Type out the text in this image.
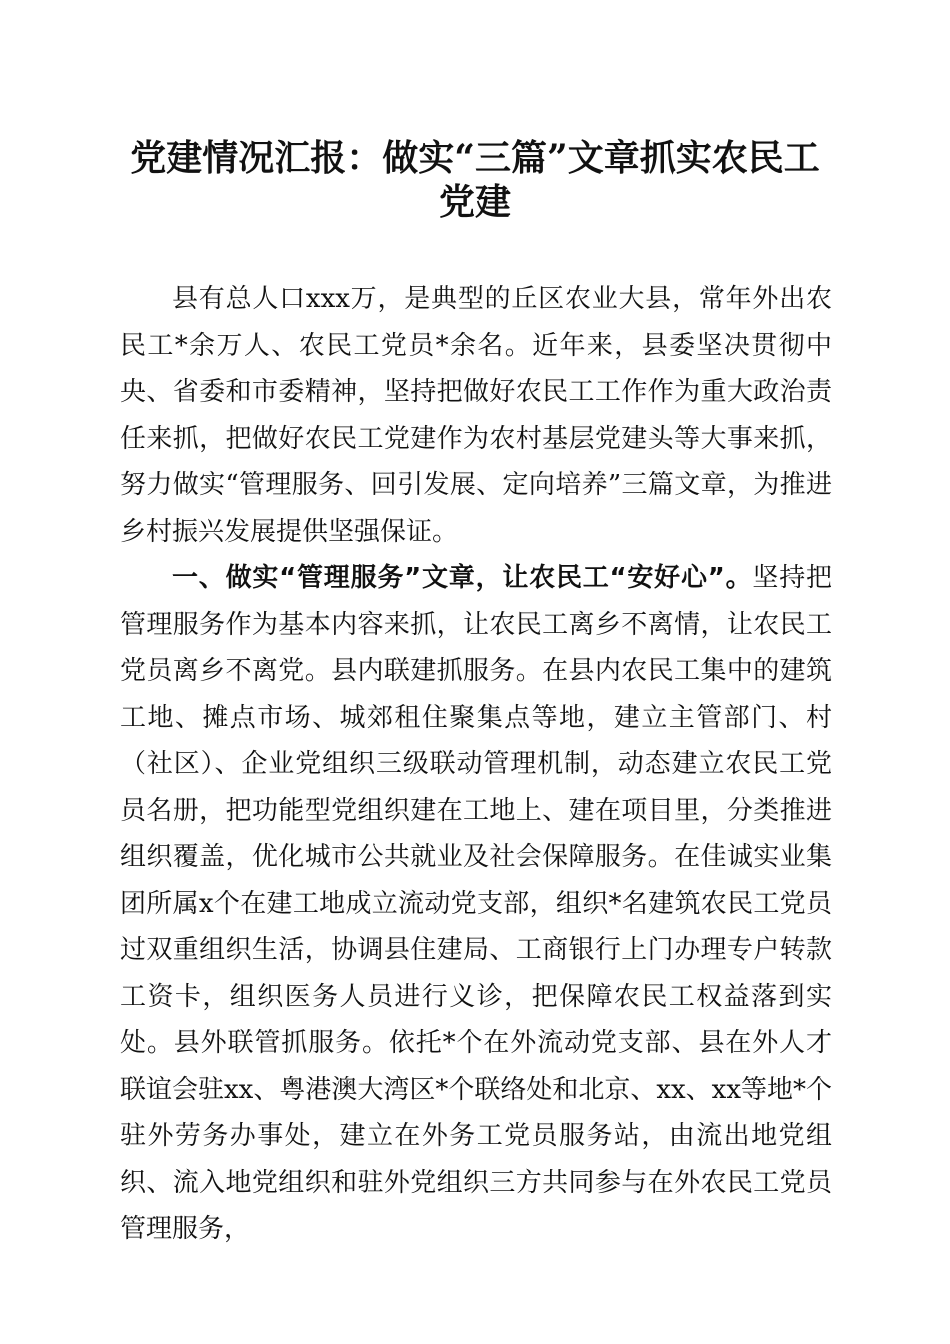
党建情况汇报：做实“三篇”文章抓实农民工
党建

县有总人口xxx万，是典型的丘区农业大县，常年外出农民工*余万人、农民工党员*余名。近年来，县委坚决贯彻中央、省委和市委精神，坚持把做好农民工工作作为重大政治责任来抓，把做好农民工党建作为农村基层党建头等大事来抓，努力做实“管理服务、回引发展、定向培养”三篇文章，为推进乡村振兴发展提供坚强保证。

一、做实“管理服务”文章，让农民工“安好心”。坚持把管理服务作为基本内容来抓，让农民工离乡不离情，让农民工党员离乡不离党。县内联建抓服务。在县内农民工集中的建筑工地、摊点市场、城郊租住聚集点等地，建立主管部门、村（社区）、企业党组织三级联动管理机制，动态建立农民工党员名册，把功能型党组织建在工地上、建在项目里，分类推进组织覆盖，优化城市公共就业及社会保障服务。在佳诚实业集团所属x个在建工地成立流动党支部，组织*名建筑农民工党员过双重组织生活，协调县住建局、工商银行上门办理专户转款工资卡，组织医务人员进行义诊，把保障农民工权益落到实处。县外联管抓服务。依托*个在外流动党支部、县在外人才联谊会驻xx、粤港澳大湾区*个联络处和北京、xx、xx等地*个驻外劳务办事处，建立在外务工党员服务站，由流出地党组织、流入地党组织和驻外党组织三方共同参与在外农民工党员管理服务，
